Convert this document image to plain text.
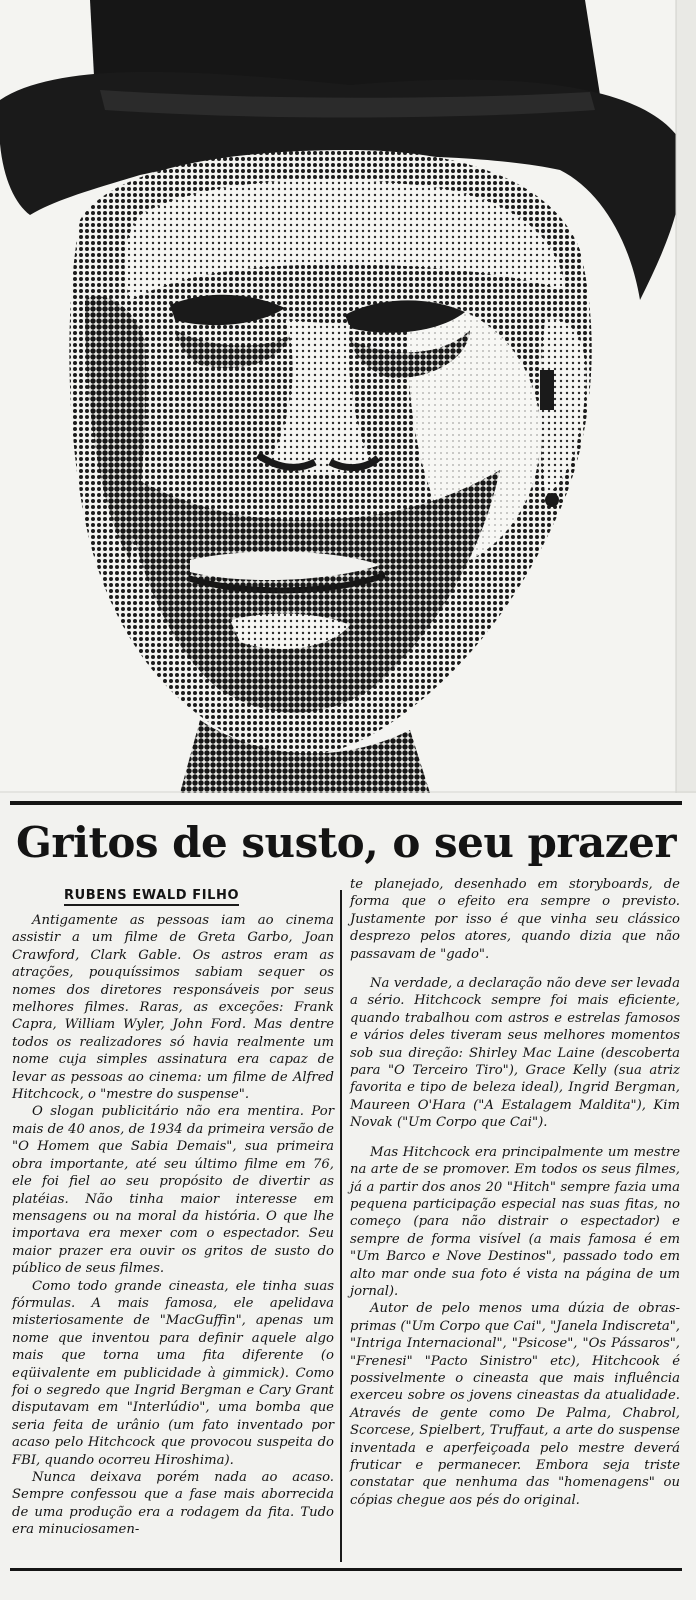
Gritos de susto, o seu prazer
RUBENS EWALD FILHO

Antigamente as pessoas iam ao cinema assistir a um filme de Greta Garbo, Joan Crawford, Clark Gable. Os astros eram as atrações, pouquíssimos sabiam sequer os nomes dos diretores responsáveis por seus melhores filmes. Raras, as exceções: Frank Capra, William Wyler, John Ford. Mas dentre todos os realizadores só havia realmente um nome cuja simples assinatura era capaz de levar as pessoas ao cinema: um filme de Alfred Hitchcock, o "mestre do suspense".

O slogan publicitário não era mentira. Por mais de 40 anos, de 1934 da primeira versão de "O Homem que Sabia Demais", sua primeira obra importante, até seu último filme em 76, ele foi fiel ao seu propósito de divertir as platéias. Não tinha maior interesse em mensagens ou na moral da história. O que lhe importava era mexer com o espectador. Seu maior prazer era ouvir os gritos de susto do público de seus filmes.

Como todo grande cineasta, ele tinha suas fórmulas. A mais famosa, ele apelidava misteriosamente de "MacGuffin", apenas um nome que inventou para definir aquele algo mais que torna uma fita diferente (o eqüivalente em publicidade à gimmick). Como foi o segredo que Ingrid Bergman e Cary Grant disputavam em "Interlúdio", uma bomba que seria feita de urânio (um fato inventado por acaso pelo Hitchcock que provocou suspeita do FBI, quando ocorreu Hiroshima).

Nunca deixava porém nada ao acaso. Sempre confessou que a fase mais aborrecida de uma produção era a rodagem da fita. Tudo era minuciosamen-

te planejado, desenhado em storyboards, de forma que o efeito era sempre o previsto. Justamente por isso é que vinha seu clássico desprezo pelos atores, quando dizia que não passavam de "gado".

Na verdade, a declaração não deve ser levada a sério. Hitchcock sempre foi mais eficiente, quando trabalhou com astros e estrelas famosos e vários deles tiveram seus melhores momentos sob sua direção: Shirley Mac Laine (descoberta para "O Terceiro Tiro"), Grace Kelly (sua atriz favorita e tipo de beleza ideal), Ingrid Bergman, Maureen O'Hara ("A Estalagem Maldita"), Kim Novak ("Um Corpo que Cai").

Mas Hitchcock era principalmente um mestre na arte de se promover. Em todos os seus filmes, já a partir dos anos 20 "Hitch" sempre fazia uma pequena participação especial nas suas fitas, no começo (para não distrair o espectador) e sempre de forma visível (a mais famosa é em "Um Barco e Nove Destinos", passado todo em alto mar onde sua foto é vista na página de um jornal).

Autor de pelo menos uma dúzia de obras-primas ("Um Corpo que Cai", "Janela Indiscreta", "Intriga Internacional", "Psicose", "Os Pássaros", "Frenesi" "Pacto Sinistro" etc), Hitchcook é possivelmente o cineasta que mais influência exerceu sobre os jovens cineastas da atualidade. Através de gente como De Palma, Chabrol, Scorcese, Spielbert, Truffaut, a arte do suspense inventada e aperfeiçoada pelo mestre deverá fruticar e permanecer. Embora seja triste constatar que nenhuma das "homenagens" ou cópias chegue aos pés do original.
